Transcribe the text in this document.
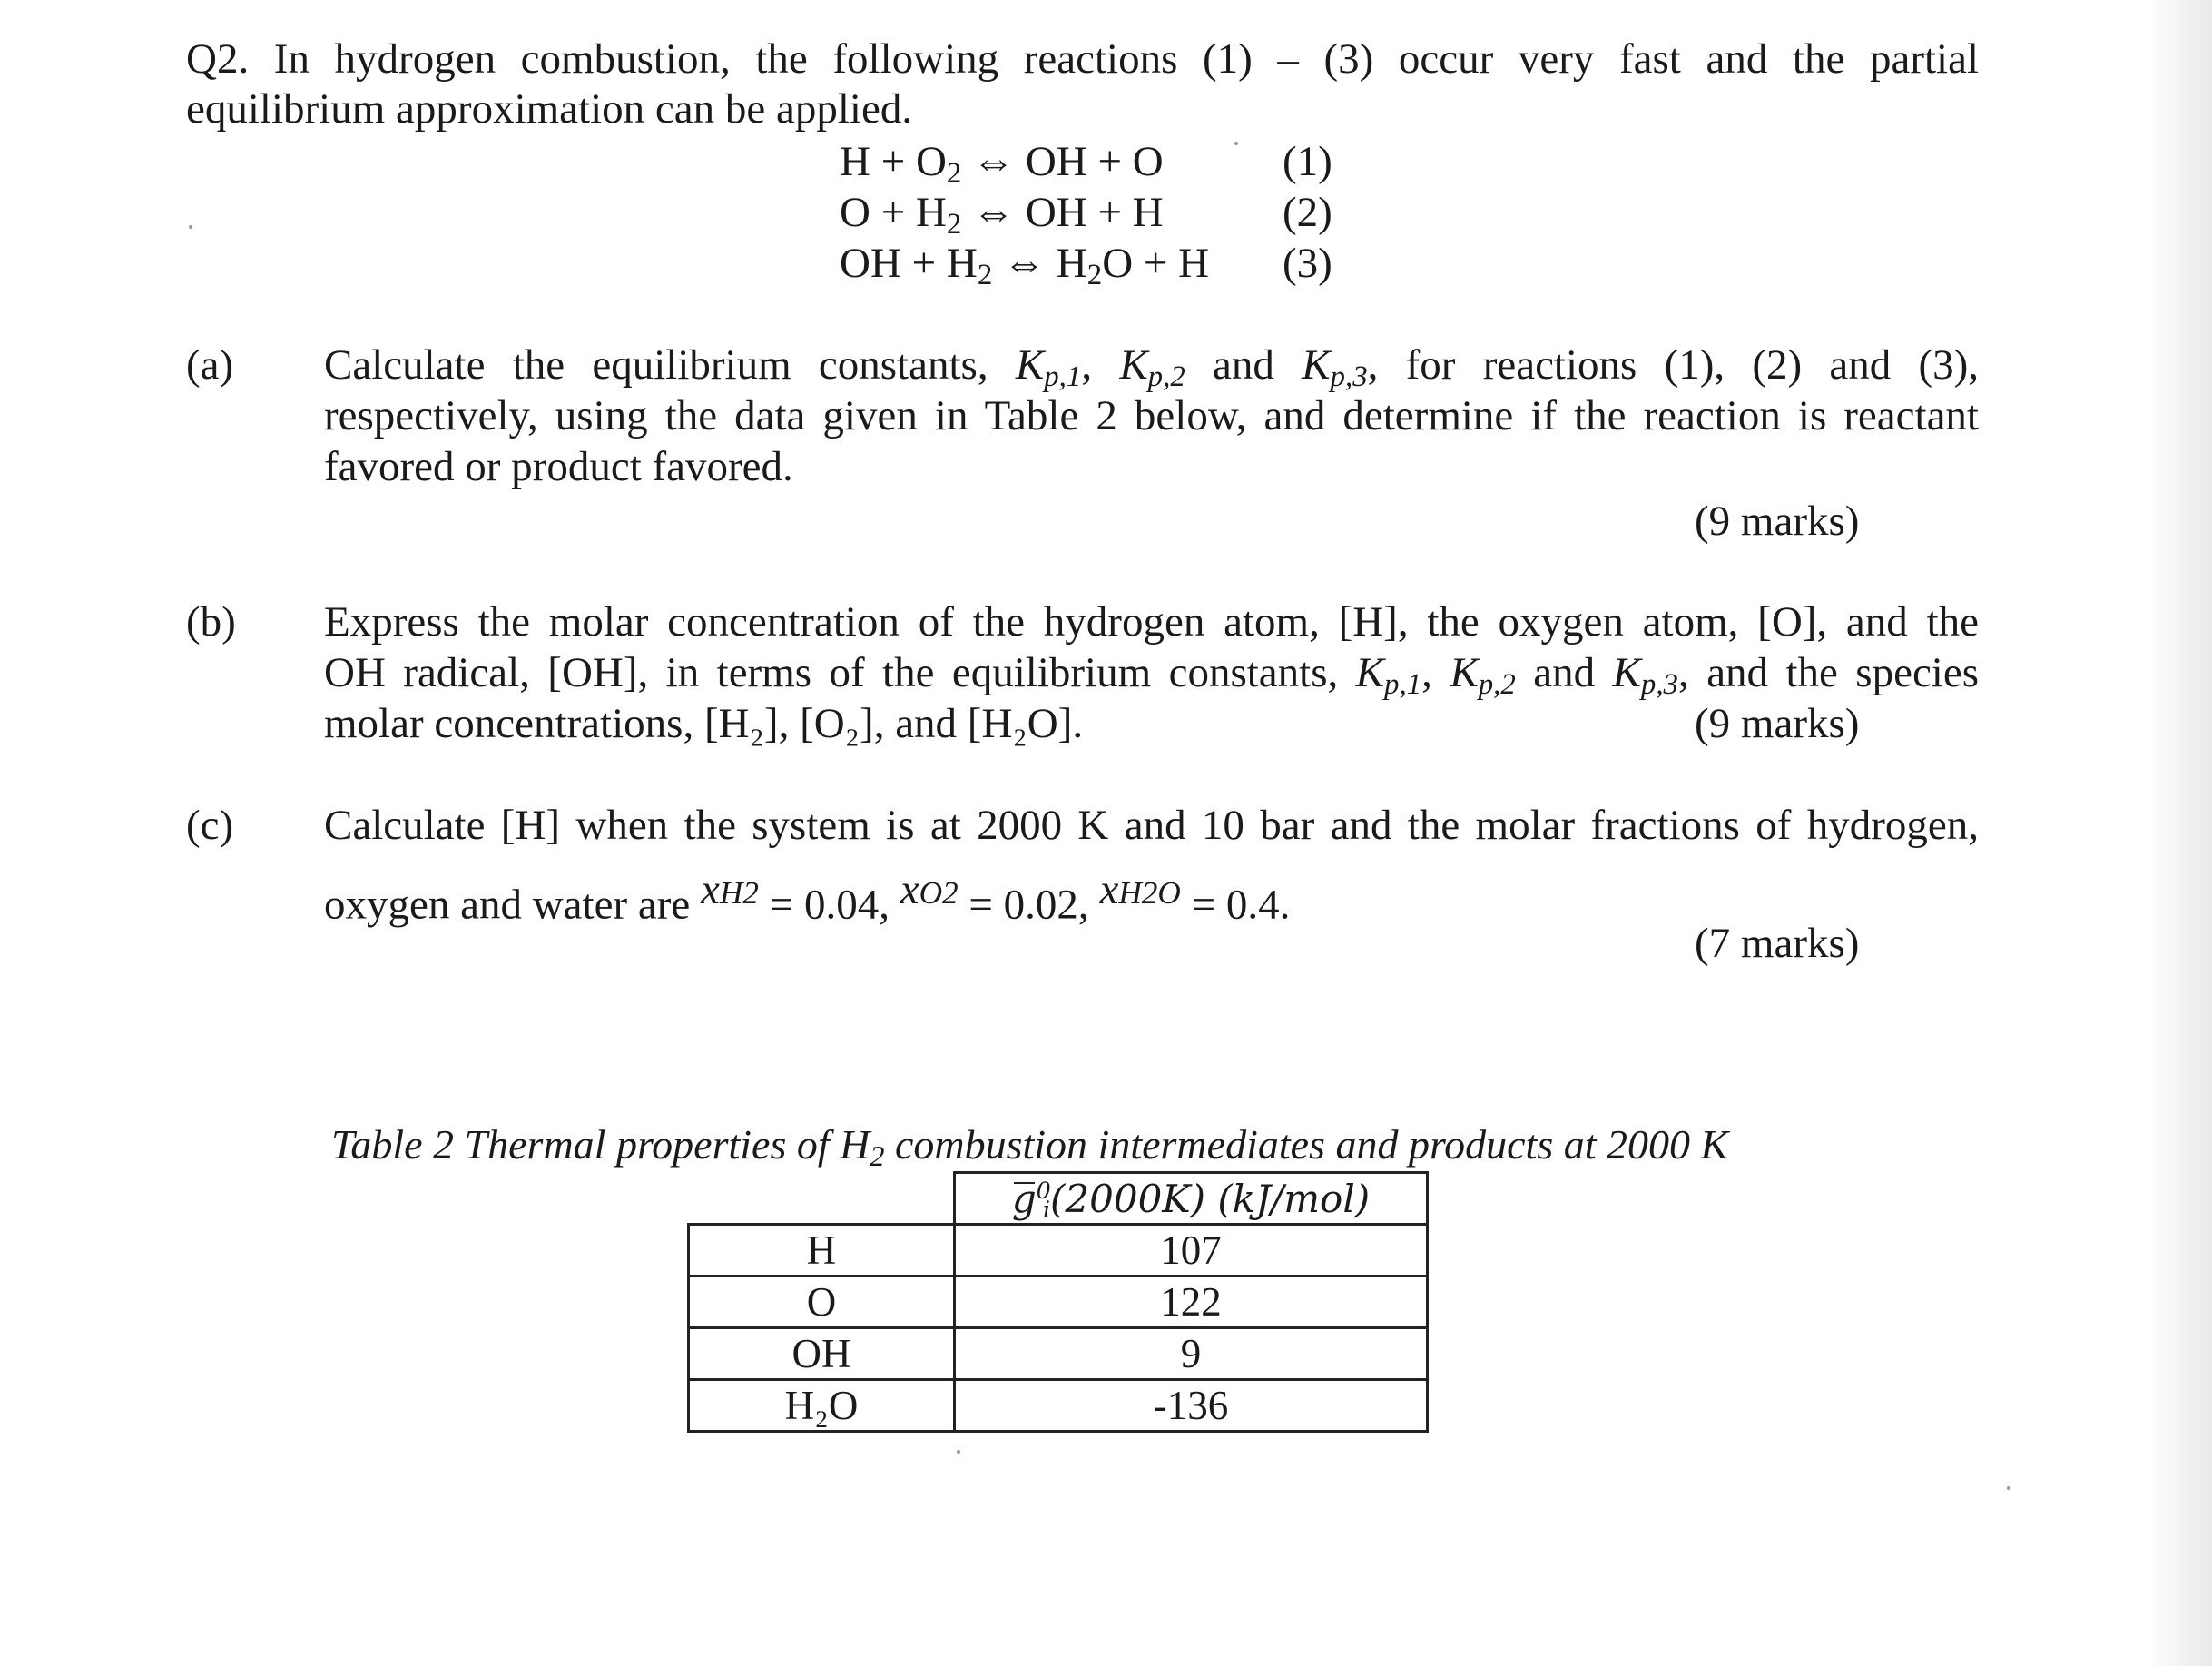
Q2. In hydrogen combustion, the following reactions (1) – (3) occur very fast and the partial
equilibrium approximation can be applied.
$H + O_2$ ⇔ OH + O	(1)
$O + H_2$ ⇔ OH + H	(2)
OH + $H_2$ ⇔ $H_2O + H$ (3)
(a) Calculate the equilibrium constants, $K_{p,1}$, $K_{p,2}$ and $K_{p,3}$, for reactions (1), (2) and (3),
respectively, using the data given in Table 2 below, and determine if the reaction is reactant
favored or product favored.
(9 marks)
(b) Express the molar concentration of the hydrogen atom, [H], the oxygen atom, [O], and the
OH radical, [OH], in terms of the equilibrium constants, $K_{p,1}$, $K_{p,2}$ and $K_{p,3}$, and the species
molar concentrations, [H₂], [O₂], and [H₂O].	(9 marks)
(c) Calculate [H] when the system is at 2000 K and 10 bar and the molar fractions of hydrogen,
oxygen and water are xH2 = 0.04, xO2 = 0.02, xH2O = 0.4.
(7 marks)
Table 2 Thermal properties of $H_2$ combustion intermediates and products at 2000 K
	$g^0_i(2000K)$ (kJ/mol)
H	107
O	122
OH	9
H₂O	-136
